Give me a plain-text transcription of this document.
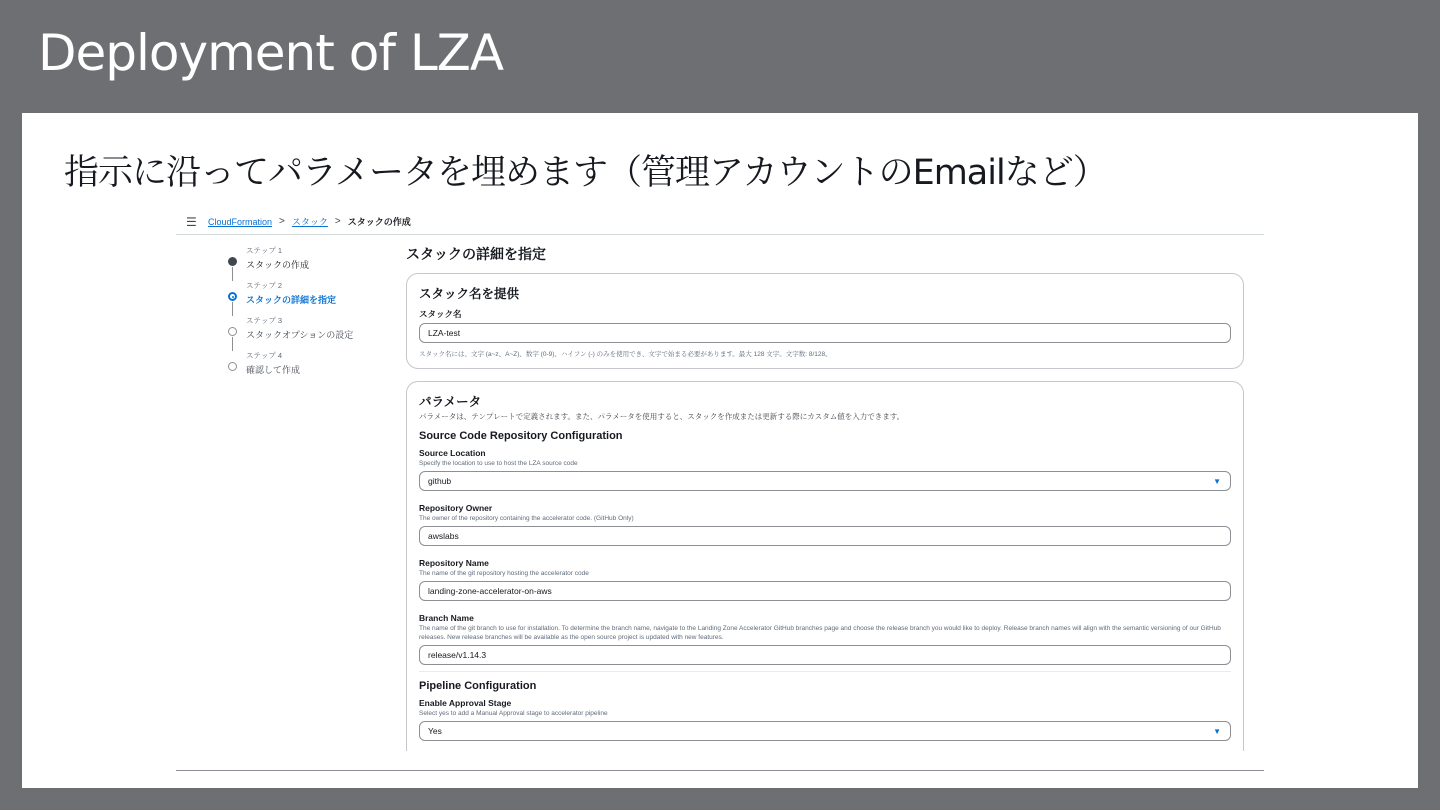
Deployment of LZA
指示に沿ってパラメータを埋めます（管理アカウントのEmailなど）
☰	CloudFormation > スタック > スタックの作成
ステップ 1
スタックの作成
ステップ 2
スタックの詳細を指定
ステップ 3
スタックオプションの設定
ステップ 4
確認して作成
スタックの詳細を指定
スタック名を提供
スタック名
LZA-test
スタック名には、文字 (a~z、A~Z)、数字 (0-9)、ハイフン (-) のみを使用でき、文字で始まる必要があります。最大 128 文字。文字数: 8/128。
パラメータ
パラメータは、テンプレートで定義されます。また、パラメータを使用すると、スタックを作成または更新する際にカスタム値を入力できます。
Source Code Repository Configuration
Source Location
Specify the location to use to host the LZA source code
github	▼
Repository Owner
The owner of the repository containing the accelerator code. (GitHub Only)
awslabs
Repository Name
The name of the git repository hosting the accelerator code
landing-zone-accelerator-on-aws
Branch Name
The name of the git branch to use for installation. To determine the branch name, navigate to the Landing Zone Accelerator GitHub branches page and choose the release branch you would like to deploy. Release branch names will align with the semantic versioning of our GitHub releases. New release branches will be available as the open source project is updated with new features.
release/v1.14.3
Pipeline Configuration
Enable Approval Stage
Select yes to add a Manual Approval stage to accelerator pipeline
Yes	▼
